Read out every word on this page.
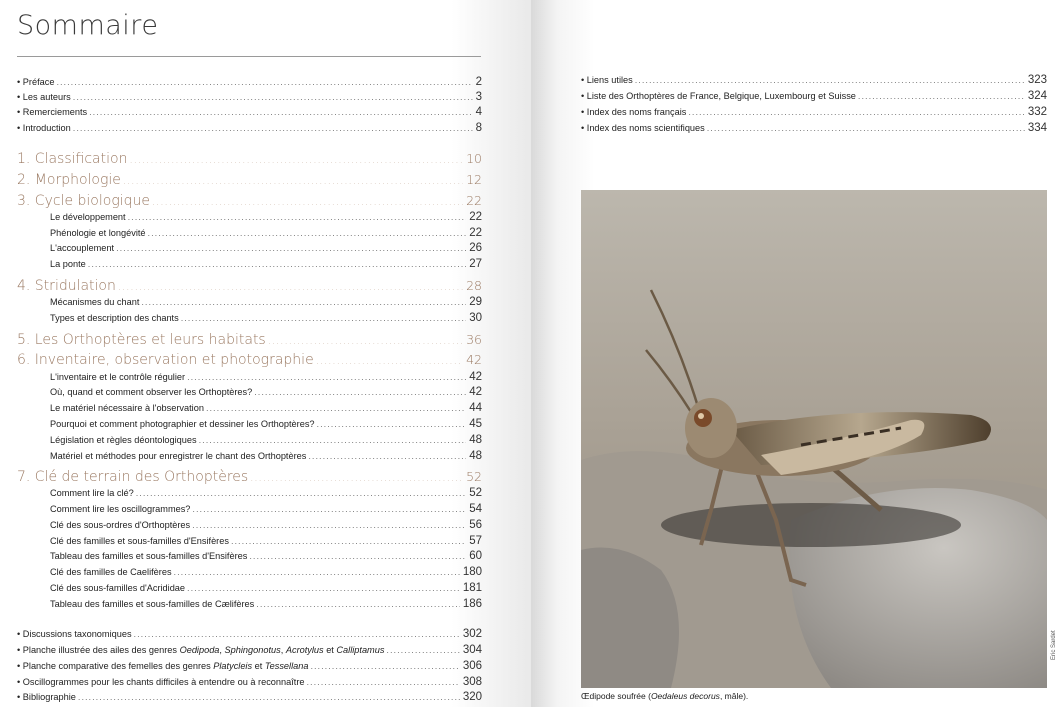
Sommaire
• Préface .....	2
• Les auteurs .....	3
• Remerciements .....	4
• Introduction .....	8
1. Classification .....	10
2. Morphologie .....	12
3. Cycle biologique .....	22
Le développement .....	22
Phénologie et longévité .....	22
L'accouplement .....	26
La ponte .....	27
4. Stridulation .....	28
Mécanismes du chant .....	29
Types et description des chants .....	30
5. Les Orthoptères et leurs habitats .....	36
6. Inventaire, observation et photographie .....	42
L'inventaire et le contrôle régulier .....	42
Où, quand et comment observer les Orthoptères? .....	42
Le matériel nécessaire à l'observation .....	44
Pourquoi et comment photographier et dessiner les Orthoptères? .....	45
Législation et règles déontologiques .....	48
Matériel et méthodes pour enregistrer le chant des Orthoptères .....	48
7. Clé de terrain des Orthoptères .....	52
Comment lire la clé? .....	52
Comment lire les oscillogrammes? .....	54
Clé des sous-ordres d'Orthoptères .....	56
Clé des familles et sous-familles d'Ensifères .....	57
Tableau des familles et sous-familles d'Ensifères .....	60
Clé des familles de Caelifères .....	180
Clé des sous-familles d'Acrididae .....	181
Tableau des familles et sous-familles de Cælifères .....	186
• Discussions taxonomiques .....	302
• Planche illustrée des ailes des genres Oedipoda, Sphingonotus, Acrotylus et Calliptamus .....	304
• Planche comparative des femelles des genres Platycleis et Tessellana .....	306
• Oscillogrammes pour les chants difficiles à entendre ou à reconnaître .....	308
• Bibliographie .....	320
• Liens utiles .....	323
• Liste des Orthoptères de France, Belgique, Luxembourg et Suisse .....	324
• Index des noms français .....	332
• Index des noms scientifiques .....	334

Œdipode soufrée (Oedaleus decorus, mâle).

Eric Sardet
